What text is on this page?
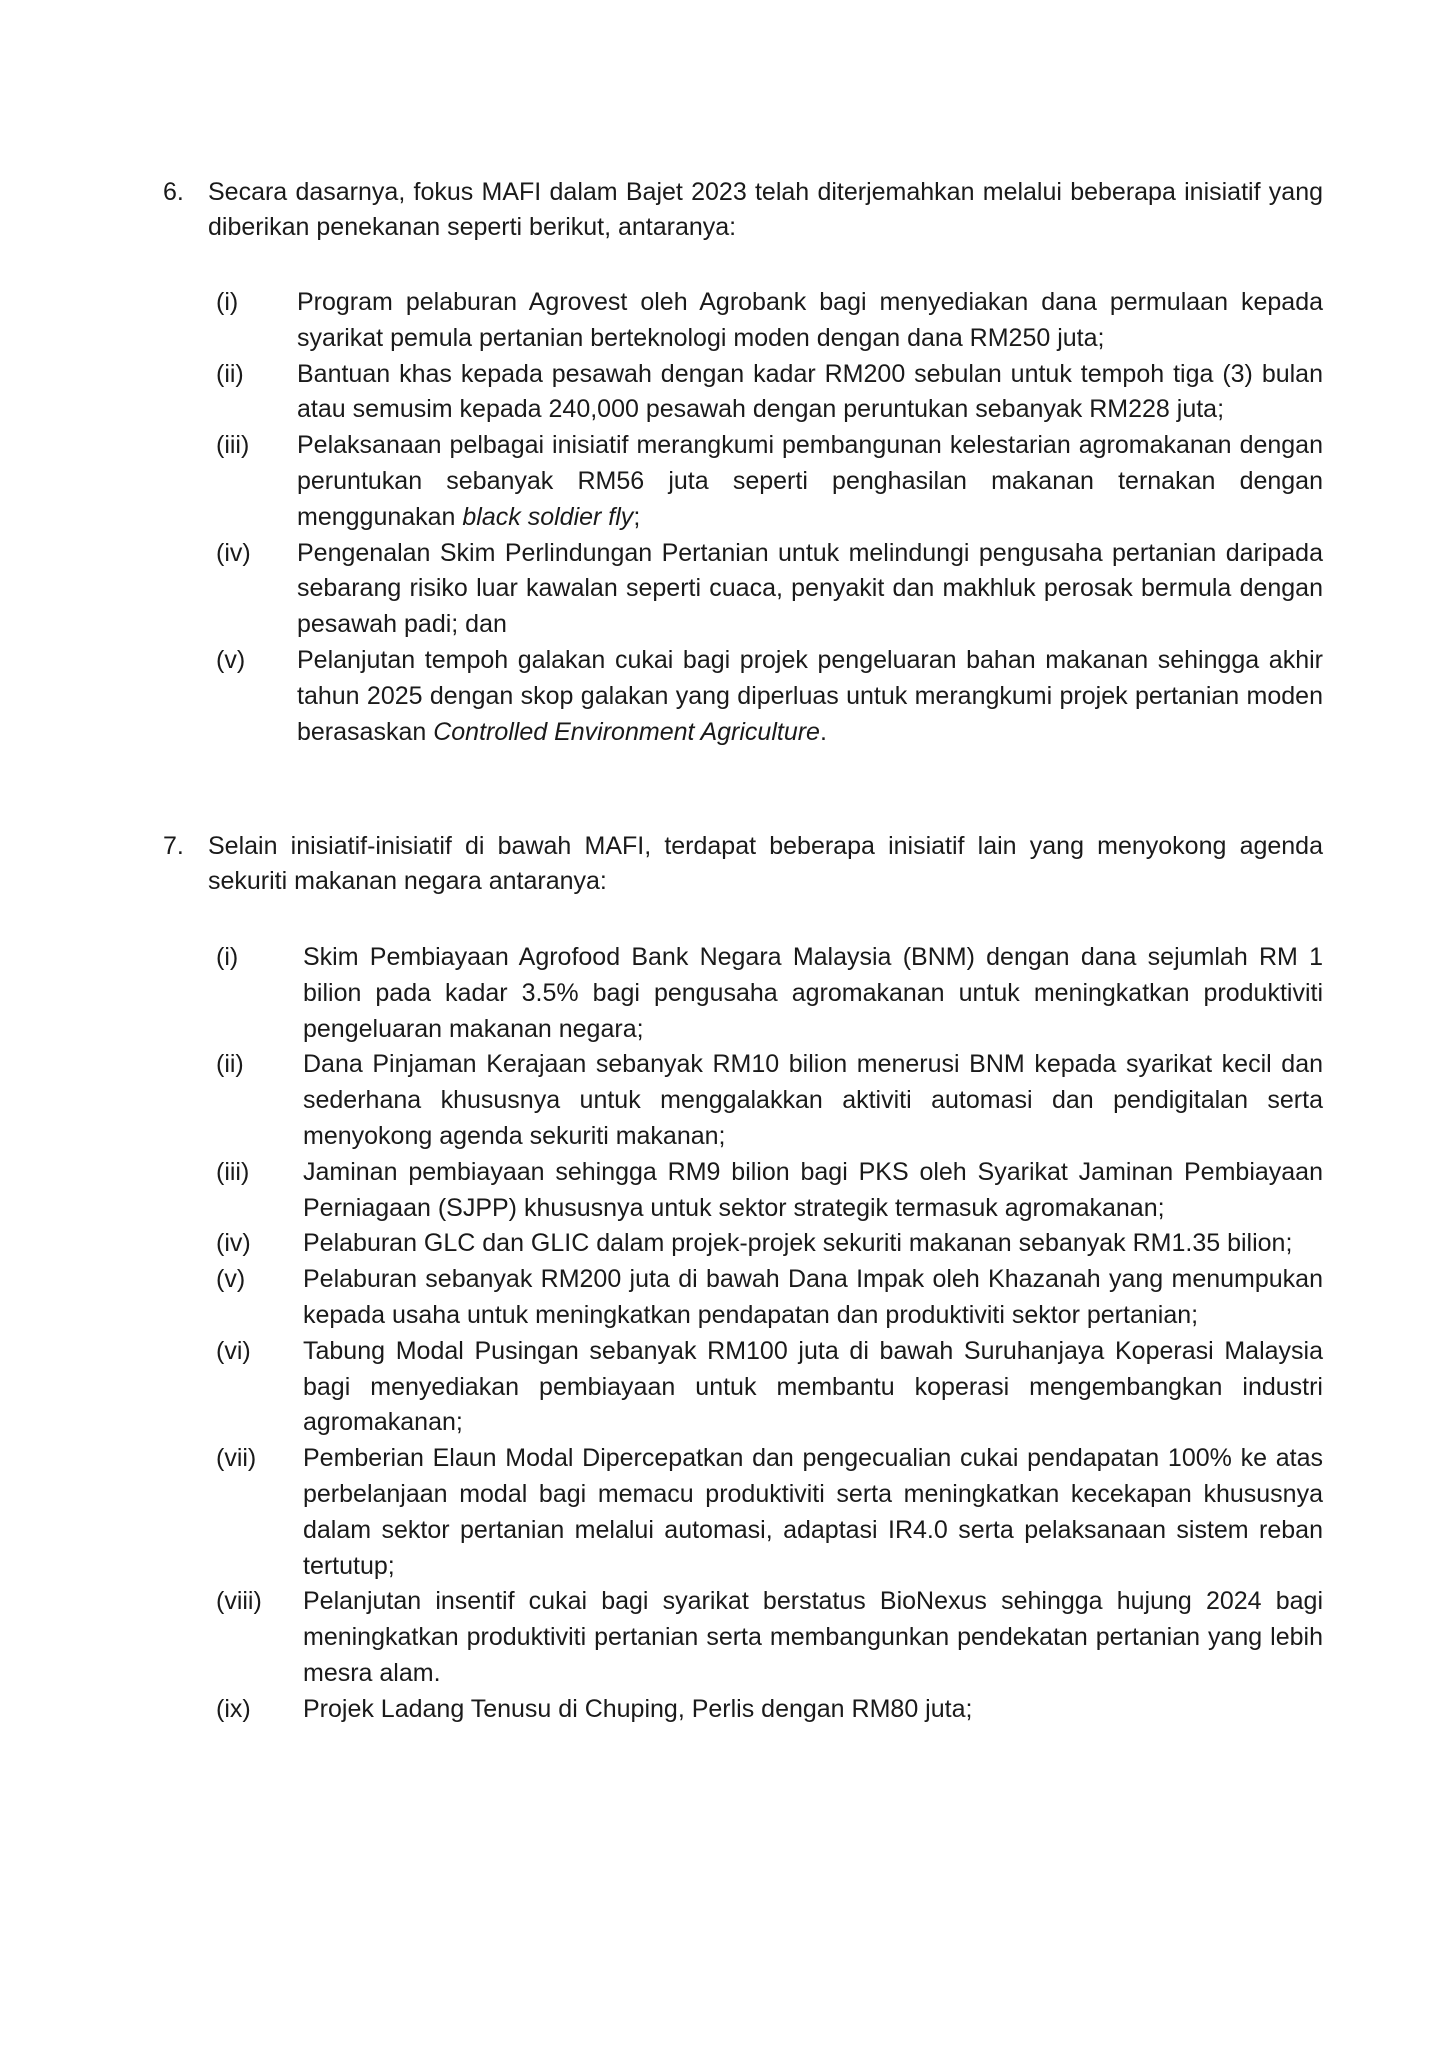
6. Secara dasarnya, fokus MAFI dalam Bajet 2023 telah diterjemahkan melalui beberapa inisiatif yang diberikan penekanan seperti berikut, antaranya:
(i) Program pelaburan Agrovest oleh Agrobank bagi menyediakan dana permulaan kepada syarikat pemula pertanian berteknologi moden dengan dana RM250 juta;
(ii) Bantuan khas kepada pesawah dengan kadar RM200 sebulan untuk tempoh tiga (3) bulan atau semusim kepada 240,000 pesawah dengan peruntukan sebanyak RM228 juta;
(iii) Pelaksanaan pelbagai inisiatif merangkumi pembangunan kelestarian agromakanan dengan peruntukan sebanyak RM56 juta seperti penghasilan makanan ternakan dengan menggunakan black soldier fly;
(iv) Pengenalan Skim Perlindungan Pertanian untuk melindungi pengusaha pertanian daripada sebarang risiko luar kawalan seperti cuaca, penyakit dan makhluk perosak bermula dengan pesawah padi; dan
(v) Pelanjutan tempoh galakan cukai bagi projek pengeluaran bahan makanan sehingga akhir tahun 2025 dengan skop galakan yang diperluas untuk merangkumi projek pertanian moden berasaskan Controlled Environment Agriculture.
7. Selain inisiatif-inisiatif di bawah MAFI, terdapat beberapa inisiatif lain yang menyokong agenda sekuriti makanan negara antaranya:
(i)	Skim Pembiayaan Agrofood Bank Negara Malaysia (BNM) dengan dana sejumlah RM 1 bilion pada kadar 3.5% bagi pengusaha agromakanan untuk meningkatkan produktiviti pengeluaran makanan negara;
(ii) Dana Pinjaman Kerajaan sebanyak RM10 bilion menerusi BNM kepada syarikat kecil dan sederhana khususnya untuk menggalakkan aktiviti automasi dan pendigitalan serta menyokong agenda sekuriti makanan;
(iii) Jaminan pembiayaan sehingga RM9 bilion bagi PKS oleh Syarikat Jaminan Pembiayaan Perniagaan (SJPP) khususnya untuk sektor strategik termasuk agromakanan;
(iv) Pelaburan GLC dan GLIC dalam projek-projek sekuriti makanan sebanyak RM1.35 bilion;
(v) Pelaburan sebanyak RM200 juta di bawah Dana Impak oleh Khazanah yang menumpukan kepada usaha untuk meningkatkan pendapatan dan produktiviti sektor pertanian;
(vi) Tabung Modal Pusingan sebanyak RM100 juta di bawah Suruhanjaya Koperasi Malaysia bagi menyediakan pembiayaan untuk membantu koperasi mengembangkan industri agromakanan;
(vii) Pemberian Elaun Modal Dipercepatkan dan pengecualian cukai pendapatan 100% ke atas perbelanjaan modal bagi memacu produktiviti serta meningkatkan kecekapan khususnya dalam sektor pertanian melalui automasi, adaptasi IR4.0 serta pelaksanaan sistem reban tertutup;
(viii) Pelanjutan insentif cukai bagi syarikat berstatus BioNexus sehingga hujung 2024 bagi meningkatkan produktiviti pertanian serta membangunkan pendekatan pertanian yang lebih mesra alam.
(ix) Projek Ladang Tenusu di Chuping, Perlis dengan RM80 juta;
